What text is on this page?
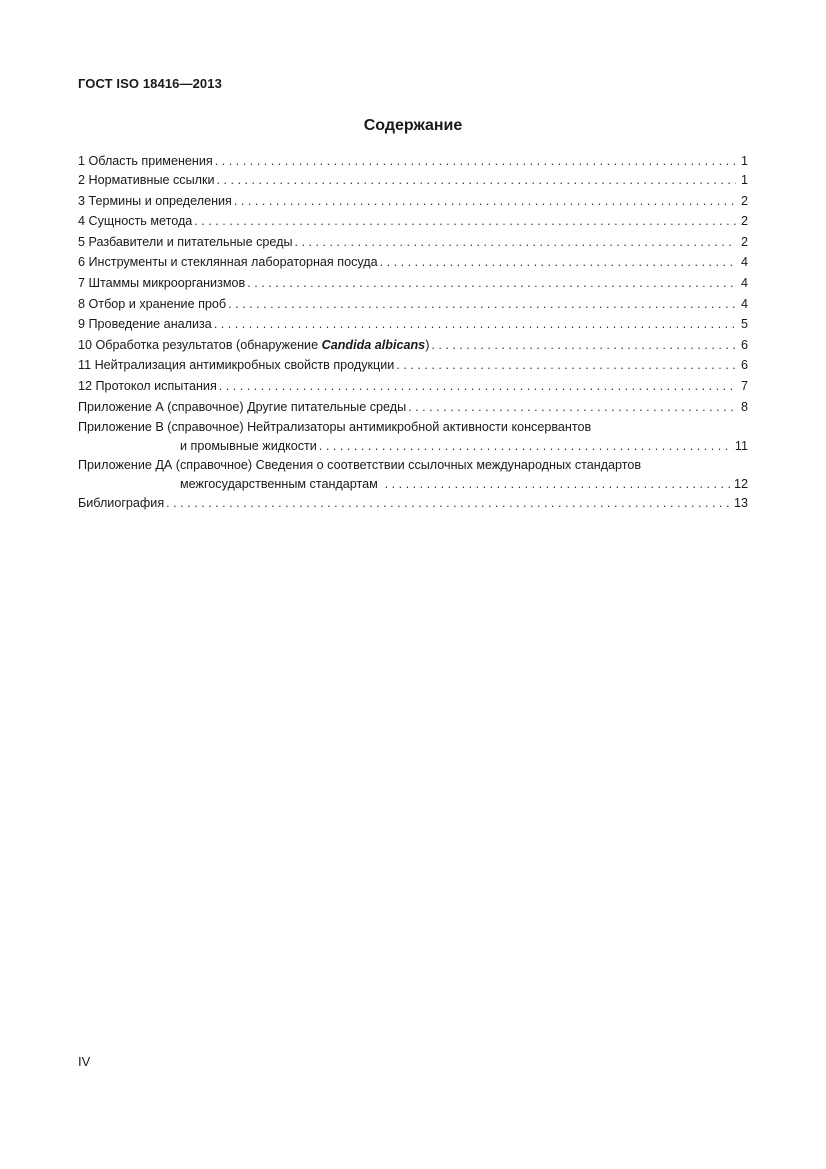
ГОСТ ISO 18416—2013
Содержание
1 Область применения . . .	1
2 Нормативные ссылки . . .	1
3 Термины и определения . . .	2
4 Сущность метода . . .	2
5 Разбавители и питательные среды . . .	2
6 Инструменты и стеклянная лабораторная посуда . . .	4
7 Штаммы микроорганизмов . . .	4
8 Отбор и хранение проб . . .	4
9 Проведение анализа . . .	5
10 Обработка результатов (обнаружение Candida albicans) . . .	6
11 Нейтрализация антимикробных свойств продукции . . .	6
12 Протокол испытания . . .	7
Приложение А (справочное) Другие питательные среды . . .	8
Приложение В (справочное) Нейтрализаторы антимикробной активности консервантов
и промывные жидкости . . .	11
Приложение ДА (справочное) Сведения о соответствии ссылочных международных стандартов
межгосударственным стандартам . . .	12
Библиография . . .	13
IV
